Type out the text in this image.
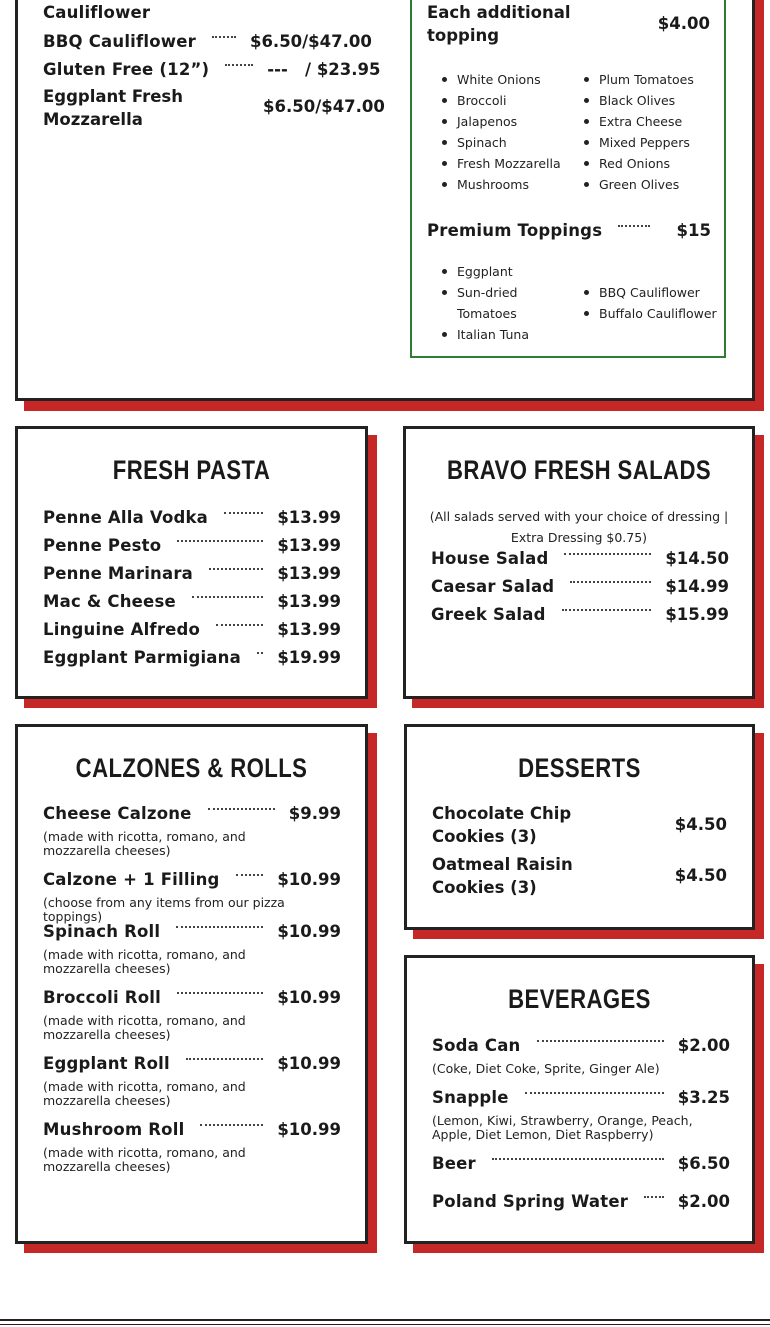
Cauliflower
BBQ Cauliflower	$6.50/$47.00
Gluten Free (12”)	---   / $23.95
Eggplant Fresh
Mozzarella
$6.50/$47.00
Each additional
topping
$4.00
White Onions
Broccoli
Jalapenos
Spinach
Fresh Mozzarella
Mushrooms
Plum Tomatoes
Black Olives
Extra Cheese
Mixed Peppers
Red Onions
Green Olives
Premium Toppings	$15
Eggplant
Sun-dried
Tomatoes
Italian Tuna
BBQ Cauliflower
Buffalo Cauliflower
FRESH PASTA
Penne Alla Vodka	$13.99
Penne Pesto	$13.99
Penne Marinara	$13.99
Mac & Cheese	$13.99
Linguine Alfredo	$13.99
Eggplant Parmigiana $19.99
BRAVO FRESH SALADS
(All salads served with your choice of dressing |
Extra Dressing $0.75)
House Salad	$14.50
Caesar Salad	$14.99
Greek Salad	$15.99
CALZONES & ROLLS
Cheese Calzone	$9.99
(made with ricotta, romano, and mozzarella cheeses)
Calzone + 1 Filling	$10.99
(choose from any items from our pizza toppings)
Spinach Roll	$10.99
(made with ricotta, romano, and mozzarella cheeses)
Broccoli Roll	$10.99
(made with ricotta, romano, and mozzarella cheeses)
Eggplant Roll	$10.99
(made with ricotta, romano, and mozzarella cheeses)
Mushroom Roll	$10.99
(made with ricotta, romano, and mozzarella cheeses)
DESSERTS
Chocolate Chip
Cookies (3)
$4.50
Oatmeal Raisin
Cookies (3)
$4.50
BEVERAGES
Soda Can	$2.00
(Coke, Diet Coke, Sprite, Ginger Ale)
Snapple	$3.25
(Lemon, Kiwi, Strawberry, Orange, Peach, Apple, Diet Lemon, Diet Raspberry)
Beer	$6.50
Poland Spring Water	$2.00
